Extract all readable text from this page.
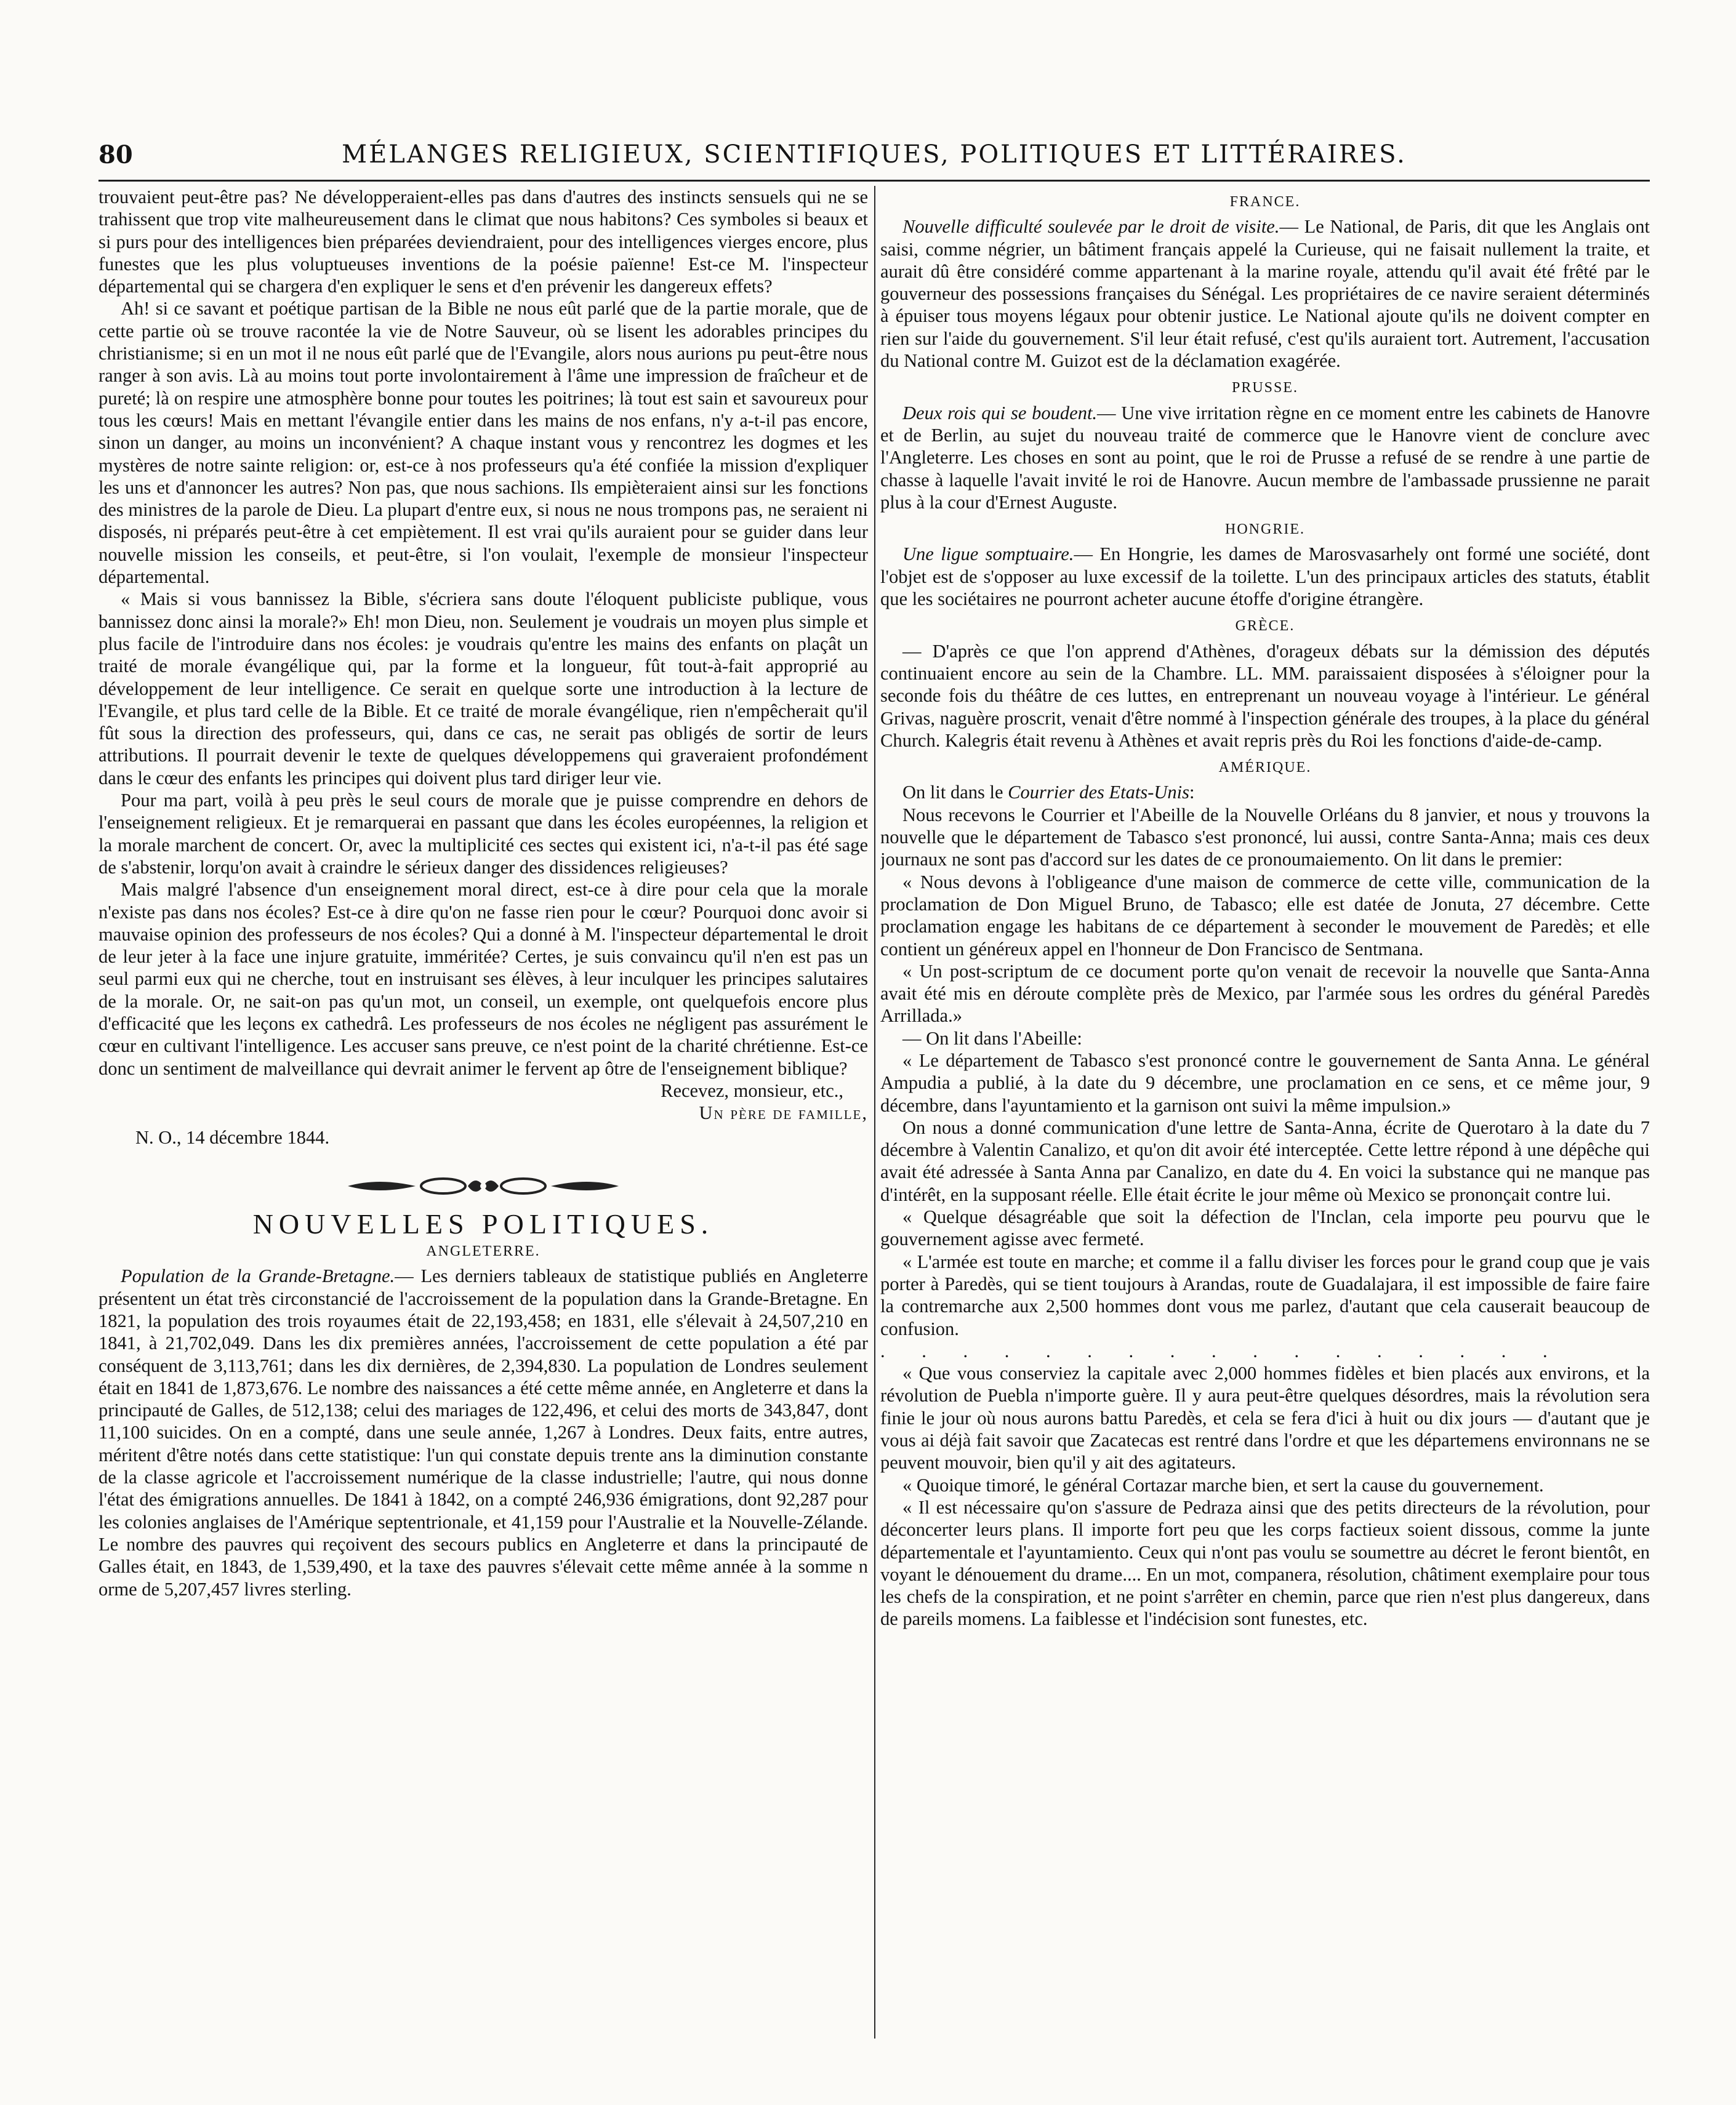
80	MÉLANGES RELIGIEUX, SCIENTIFIQUES, POLITIQUES ET LITTÉRAIRES.

trouvaient peut-être pas? Ne développeraient-elles pas dans d'autres des instincts sensuels qui ne se trahissent que trop vite malheureusement dans le climat que nous habitons? Ces symboles si beaux et si purs pour des intelligences bien préparées deviendraient, pour des intelligences vierges encore, plus funestes que les plus voluptueuses inventions de la poésie païenne! Est-ce M. l'inspecteur départemental qui se chargera d'en expliquer le sens et d'en prévenir les dangereux effets?

Ah! si ce savant et poétique partisan de la Bible ne nous eût parlé que de la partie morale, que de cette partie où se trouve racontée la vie de Notre Sauveur, où se lisent les adorables principes du christianisme; si en un mot il ne nous eût parlé que de l'Evangile, alors nous aurions pu peut-être nous ranger à son avis. Là au moins tout porte involontairement à l'âme une impression de fraîcheur et de pureté; là on respire une atmosphère bonne pour toutes les poitrines; là tout est sain et savoureux pour tous les cœurs! Mais en mettant l'évangile entier dans les mains de nos enfans, n'y a-t-il pas encore, sinon un danger, au moins un inconvénient? A chaque instant vous y rencontrez les dogmes et les mystères de notre sainte religion: or, est-ce à nos professeurs qu'a été confiée la mission d'expliquer les uns et d'annoncer les autres? Non pas, que nous sachions. Ils empièteraient ainsi sur les fonctions des ministres de la parole de Dieu. La plupart d'entre eux, si nous ne nous trompons pas, ne seraient ni disposés, ni préparés peut-être à cet empiètement. Il est vrai qu'ils auraient pour se guider dans leur nouvelle mission les conseils, et peut-être, si l'on voulait, l'exemple de monsieur l'inspecteur départemental.

« Mais si vous bannissez la Bible, s'écriera sans doute l'éloquent publiciste publique, vous bannissez donc ainsi la morale?» Eh! mon Dieu, non. Seulement je voudrais un moyen plus simple et plus facile de l'introduire dans nos écoles: je voudrais qu'entre les mains des enfants on plaçât un traité de morale évangélique qui, par la forme et la longueur, fût tout-à-fait approprié au développement de leur intelligence. Ce serait en quelque sorte une introduction à la lecture de l'Evangile, et plus tard celle de la Bible. Et ce traité de morale évangélique, rien n'empêcherait qu'il fût sous la direction des professeurs, qui, dans ce cas, ne serait pas obligés de sortir de leurs attributions. Il pourrait devenir le texte de quelques développemens qui graveraient profondément dans le cœur des enfants les principes qui doivent plus tard diriger leur vie.

Pour ma part, voilà à peu près le seul cours de morale que je puisse comprendre en dehors de l'enseignement religieux. Et je remarquerai en passant que dans les écoles européennes, la religion et la morale marchent de concert. Or, avec la multiplicité ces sectes qui existent ici, n'a-t-il pas été sage de s'abstenir, lorqu'on avait à craindre le sérieux danger des dissidences religieuses?

Mais malgré l'absence d'un enseignement moral direct, est-ce à dire pour cela que la morale n'existe pas dans nos écoles? Est-ce à dire qu'on ne fasse rien pour le cœur? Pourquoi donc avoir si mauvaise opinion des professeurs de nos écoles? Qui a donné à M. l'inspecteur départemental le droit de leur jeter à la face une injure gratuite, imméritée? Certes, je suis convaincu qu'il n'en est pas un seul parmi eux qui ne cherche, tout en instruisant ses élèves, à leur inculquer les principes salutaires de la morale. Or, ne sait-on pas qu'un mot, un conseil, un exemple, ont quelquefois encore plus d'efficacité que les leçons ex cathedrâ. Les professeurs de nos écoles ne négligent pas assurément le cœur en cultivant l'intelligence. Les accuser sans preuve, ce n'est point de la charité chrétienne. Est-ce donc un sentiment de malveillance qui devrait animer le fervent ap ôtre de l'enseignement biblique?

Recevez, monsieur, etc.,

Un père de famille,

N. O., 14 décembre 1844.

NOUVELLES POLITIQUES.
ANGLETERRE.

Population de la Grande-Bretagne.— Les derniers tableaux de statistique publiés en Angleterre présentent un état très circonstancié de l'accroissement de la population dans la Grande-Bretagne. En 1821, la population des trois royaumes était de 22,193,458; en 1831, elle s'élevait à 24,507,210 en 1841, à 21,702,049. Dans les dix premières années, l'accroissement de cette population a été par conséquent de 3,113,761; dans les dix dernières, de 2,394,830. La population de Londres seulement était en 1841 de 1,873,676. Le nombre des naissances a été cette même année, en Angleterre et dans la principauté de Galles, de 512,138; celui des mariages de 122,496, et celui des morts de 343,847, dont 11,100 suicides. On en a compté, dans une seule année, 1,267 à Londres. Deux faits, entre autres, méritent d'être notés dans cette statistique: l'un qui constate depuis trente ans la diminution constante de la classe agricole et l'accroissement numérique de la classe industrielle; l'autre, qui nous donne l'état des émigrations annuelles. De 1841 à 1842, on a compté 246,936 émigrations, dont 92,287 pour les colonies anglaises de l'Amérique septentrionale, et 41,159 pour l'Australie et la Nouvelle-Zélande. Le nombre des pauvres qui reçoivent des secours publics en Angleterre et dans la principauté de Galles était, en 1843, de 1,539,490, et la taxe des pauvres s'élevait cette même année à la somme n orme de 5,207,457 livres sterling.

FRANCE.

Nouvelle difficulté soulevée par le droit de visite.— Le National, de Paris, dit que les Anglais ont saisi, comme négrier, un bâtiment français appelé la Curieuse, qui ne faisait nullement la traite, et aurait dû être considéré comme appartenant à la marine royale, attendu qu'il avait été frêté par le gouverneur des possessions françaises du Sénégal. Les propriétaires de ce navire seraient déterminés à épuiser tous moyens légaux pour obtenir justice. Le National ajoute qu'ils ne doivent compter en rien sur l'aide du gouvernement. S'il leur était refusé, c'est qu'ils auraient tort. Autrement, l'accusation du National contre M. Guizot est de la déclamation exagérée.

PRUSSE.

Deux rois qui se boudent.— Une vive irritation règne en ce moment entre les cabinets de Hanovre et de Berlin, au sujet du nouveau traité de commerce que le Hanovre vient de conclure avec l'Angleterre. Les choses en sont au point, que le roi de Prusse a refusé de se rendre à une partie de chasse à laquelle l'avait invité le roi de Hanovre. Aucun membre de l'ambassade prussienne ne parait plus à la cour d'Ernest Auguste.

HONGRIE.

Une ligue somptuaire.— En Hongrie, les dames de Marosvasarhely ont formé une société, dont l'objet est de s'opposer au luxe excessif de la toilette. L'un des principaux articles des statuts, établit que les sociétaires ne pourront acheter aucune étoffe d'origine étrangère.

GRÈCE.

— D'après ce que l'on apprend d'Athènes, d'orageux débats sur la démission des députés continuaient encore au sein de la Chambre. LL. MM. paraissaient disposées à s'éloigner pour la seconde fois du théâtre de ces luttes, en entreprenant un nouveau voyage à l'intérieur. Le général Grivas, naguère proscrit, venait d'être nommé à l'inspection générale des troupes, à la place du général Church. Kalegris était revenu à Athènes et avait repris près du Roi les fonctions d'aide-de-camp.

AMÉRIQUE.

On lit dans le Courrier des Etats-Unis:

Nous recevons le Courrier et l'Abeille de la Nouvelle Orléans du 8 janvier, et nous y trouvons la nouvelle que le département de Tabasco s'est prononcé, lui aussi, contre Santa-Anna; mais ces deux journaux ne sont pas d'accord sur les dates de ce pronoumaiemento. On lit dans le premier:

« Nous devons à l'obligeance d'une maison de commerce de cette ville, communication de la proclamation de Don Miguel Bruno, de Tabasco; elle est datée de Jonuta, 27 décembre. Cette proclamation engage les habitans de ce département à seconder le mouvement de Paredès; et elle contient un généreux appel en l'honneur de Don Francisco de Sentmana.

« Un post-scriptum de ce document porte qu'on venait de recevoir la nouvelle que Santa-Anna avait été mis en déroute complète près de Mexico, par l'armée sous les ordres du général Paredès Arrillada.»

— On lit dans l'Abeille:

« Le département de Tabasco s'est prononcé contre le gouvernement de Santa Anna. Le général Ampudia a publié, à la date du 9 décembre, une proclamation en ce sens, et ce même jour, 9 décembre, dans l'ayuntamiento et la garnison ont suivi la même impulsion.»

On nous a donné communication d'une lettre de Santa-Anna, écrite de Querotaro à la date du 7 décembre à Valentin Canalizo, et qu'on dit avoir été interceptée. Cette lettre répond à une dépêche qui avait été adressée à Santa Anna par Canalizo, en date du 4. En voici la substance qui ne manque pas d'intérêt, en la supposant réelle. Elle était écrite le jour même où Mexico se prononçait contre lui.

« Quelque désagréable que soit la défection de l'Inclan, cela importe peu pourvu que le gouvernement agisse avec fermeté.

« L'armée est toute en marche; et comme il a fallu diviser les forces pour le grand coup que je vais porter à Paredès, qui se tient toujours à Arandas, route de Guadalajara, il est impossible de faire faire la contremarche aux 2,500 hommes dont vous me parlez, d'autant que cela causerait beaucoup de confusion.

. . . . . . . . . . . . . . . . .

« Que vous conserviez la capitale avec 2,000 hommes fidèles et bien placés aux environs, et la révolution de Puebla n'importe guère. Il y aura peut-être quelques désordres, mais la révolution sera finie le jour où nous aurons battu Paredès, et cela se fera d'ici à huit ou dix jours — d'autant que je vous ai déjà fait savoir que Zacatecas est rentré dans l'ordre et que les départemens environnans ne se peuvent mouvoir, bien qu'il y ait des agitateurs.

« Quoique timoré, le général Cortazar marche bien, et sert la cause du gouvernement.

« Il est nécessaire qu'on s'assure de Pedraza ainsi que des petits directeurs de la révolution, pour déconcerter leurs plans. Il importe fort peu que les corps factieux soient dissous, comme la junte départementale et l'ayuntamiento. Ceux qui n'ont pas voulu se soumettre au décret le feront bientôt, en voyant le dénouement du drame.... En un mot, companera, résolution, châtiment exemplaire pour tous les chefs de la conspiration, et ne point s'arrêter en chemin, parce que rien n'est plus dangereux, dans de pareils momens. La faiblesse et l'indécision sont funestes, etc.
